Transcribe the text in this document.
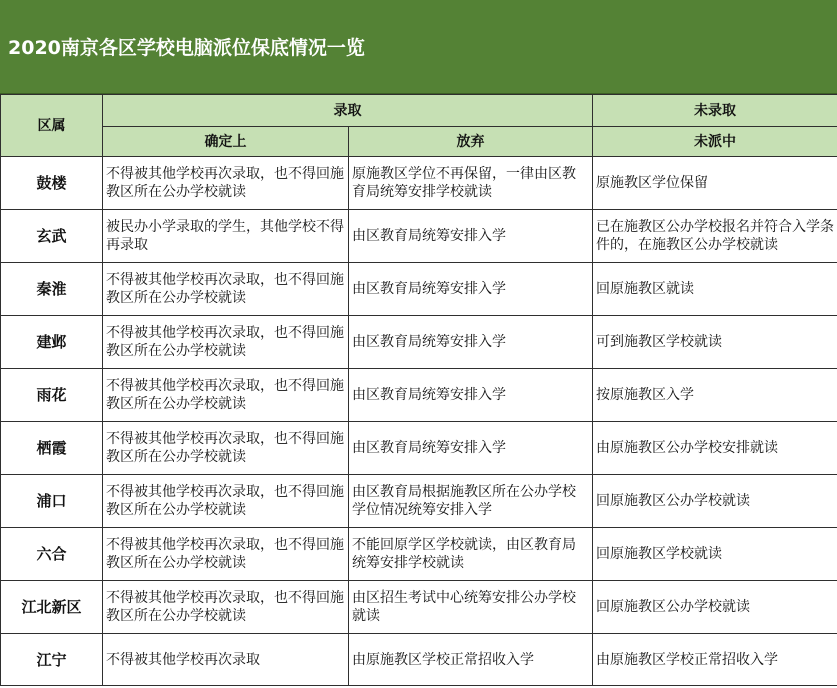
2020南京各区学校电脑派位保底情况一览
区属	录取		未录取
	确定上	放弃	未派中
鼓楼	不得被其他学校再次录取，也不得回施教区所在公办学校就读	原施教区学位不再保留，一律由区教育局统筹安排学校就读	原施教区学位保留
玄武	被民办小学录取的学生，其他学校不得再录取	由区教育局统筹安排入学	已在施教区公办学校报名并符合入学条件的，在施教区公办学校就读
秦淮	不得被其他学校再次录取，也不得回施教区所在公办学校就读	由区教育局统筹安排入学	回原施教区就读
建邺	不得被其他学校再次录取，也不得回施教区所在公办学校就读	由区教育局统筹安排入学	可到施教区学校就读
雨花	不得被其他学校再次录取，也不得回施教区所在公办学校就读	由区教育局统筹安排入学	按原施教区入学
栖霞	不得被其他学校再次录取，也不得回施教区所在公办学校就读	由区教育局统筹安排入学	由原施教区公办学校安排就读
浦口	不得被其他学校再次录取，也不得回施教区所在公办学校就读	由区教育局根据施教区所在公办学校学位情况统筹安排入学	回原施教区公办学校就读
六合	不得被其他学校再次录取，也不得回施教区所在公办学校就读	不能回原学区学校就读，由区教育局统筹安排学校就读	回原施教区学校就读
江北新区	不得被其他学校再次录取，也不得回施教区所在公办学校就读	由区招生考试中心统筹安排公办学校就读	回原施教区公办学校就读
江宁	不得被其他学校再次录取	由原施教区学校正常招收入学	由原施教区学校正常招收入学
